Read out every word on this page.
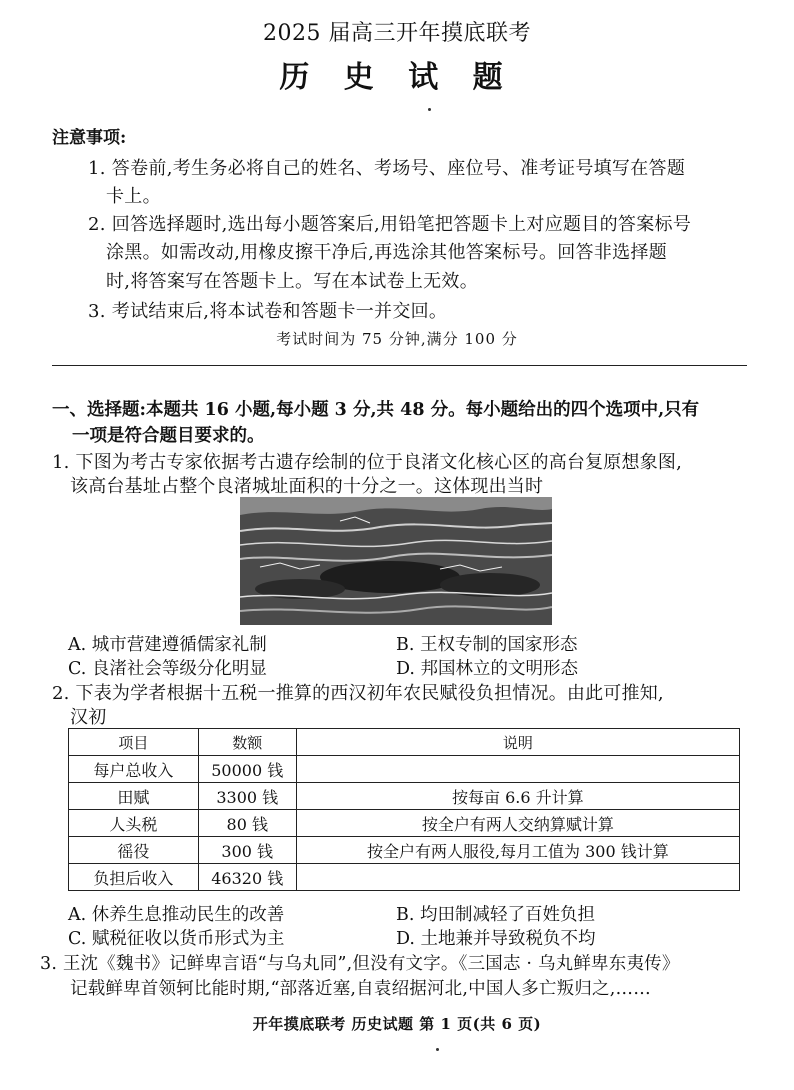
2025 届高三开年摸底联考
历 史 试 题
注意事项:
1. 答卷前,考生务必将自己的姓名、考场号、座位号、准考证号填写在答题
卡上。
2. 回答选择题时,选出每小题答案后,用铅笔把答题卡上对应题目的答案标号
涂黑。如需改动,用橡皮擦干净后,再选涂其他答案标号。回答非选择题
时,将答案写在答题卡上。写在本试卷上无效。
3. 考试结束后,将本试卷和答题卡一并交回。
考试时间为 75 分钟,满分 100 分
一、选择题:本题共 16 小题,每小题 3 分,共 48 分。每小题给出的四个选项中,只有
一项是符合题目要求的。
1. 下图为考古专家依据考古遗存绘制的位于良渚文化核心区的高台复原想象图,
该高台基址占整个良渚城址面积的十分之一。这体现出当时
A. 城市营建遵循儒家礼制	B. 王权专制的国家形态
C. 良渚社会等级分化明显	D. 邦国林立的文明形态
2. 下表为学者根据十五税一推算的西汉初年农民赋役负担情况。由此可推知,
汉初
项目	数额	说明
每户总收入	50000 钱	
田赋	3300 钱	按每亩 6.6 升计算
人头税	80 钱	按全户有两人交纳算赋计算
徭役	300 钱	按全户有两人服役,每月工值为 300 钱计算
负担后收入	46320 钱	
A. 休养生息推动民生的改善	B. 均田制减轻了百姓负担
C. 赋税征收以货币形式为主	D. 土地兼并导致税负不均
3. 王沈《魏书》记鲜卑言语“与乌丸同”,但没有文字。《三国志 · 乌丸鲜卑东夷传》
记载鲜卑首领轲比能时期,“部落近塞,自袁绍据河北,中国人多亡叛归之,……
开年摸底联考 历史试题 第 1 页(共 6 页)
